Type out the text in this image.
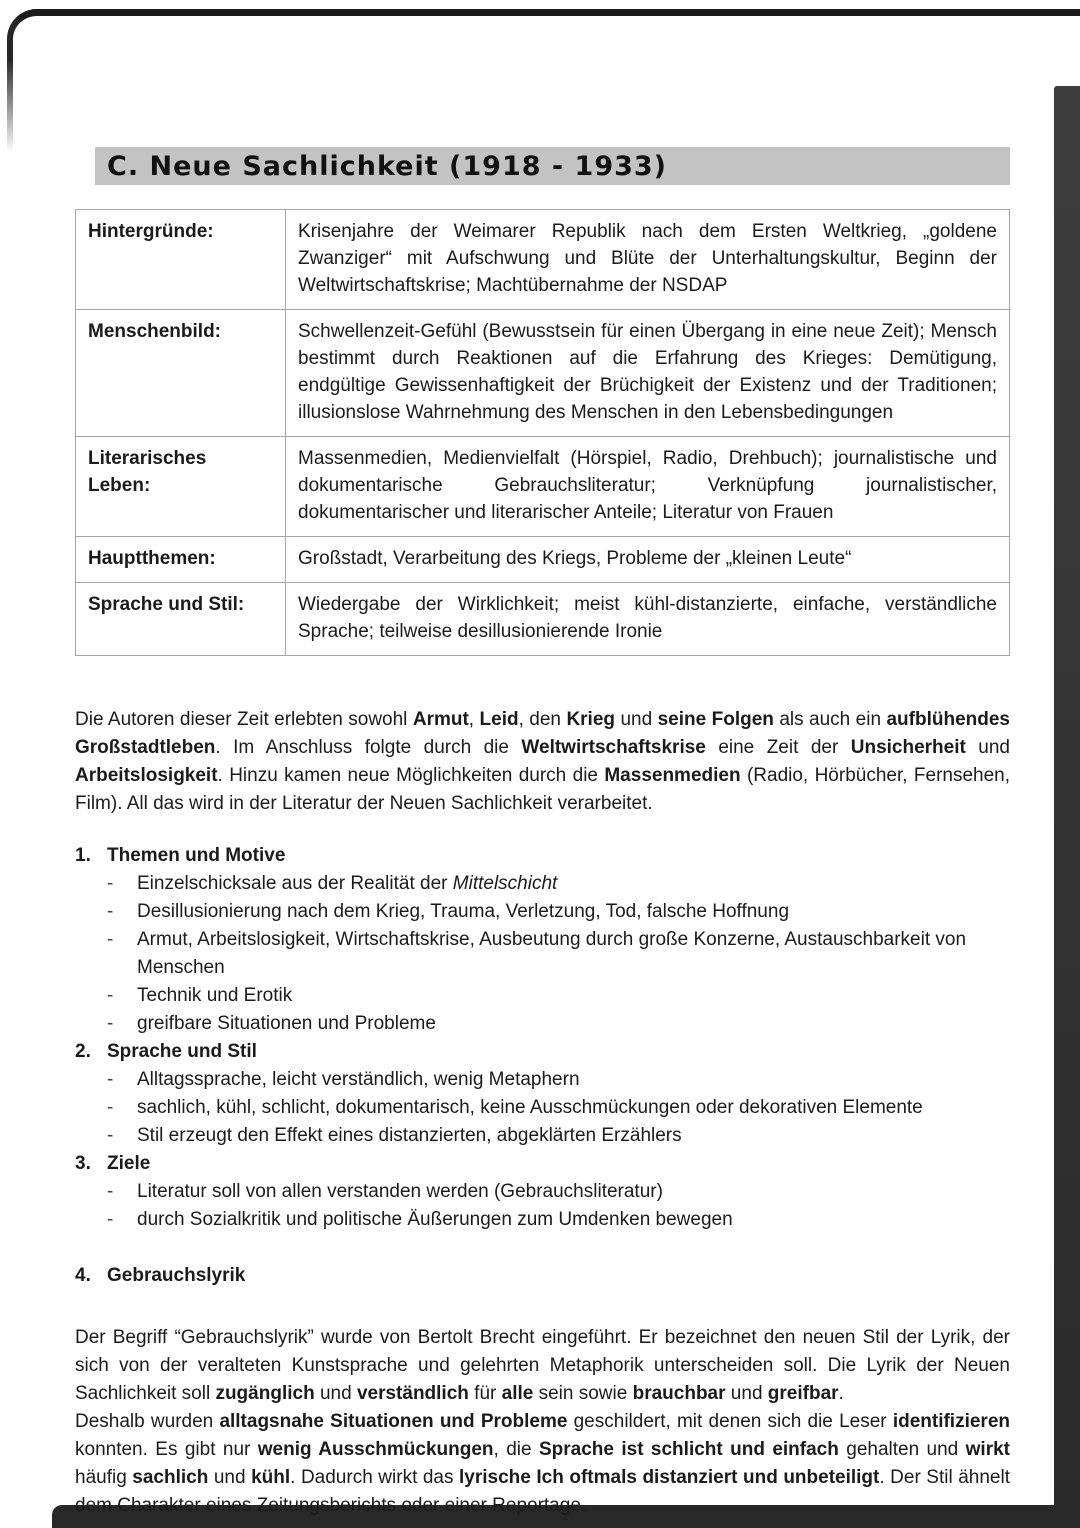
C. Neue Sachlichkeit (1918 - 1933)
Hintergründe:	Krisenjahre der Weimarer Republik nach dem Ersten Weltkrieg, „goldene Zwanziger“ mit Aufschwung und Blüte der Unterhaltungskultur, Beginn der Weltwirtschaftskrise; Machtübernahme der NSDAP
Menschenbild:	Schwellenzeit-Gefühl (Bewusstsein für einen Übergang in eine neue Zeit); Mensch bestimmt durch Reaktionen auf die Erfahrung des Krieges: Demütigung, endgültige Gewissenhaftigkeit der Brüchigkeit der Existenz und der Traditionen; illusionslose Wahrnehmung des Menschen in den Lebensbedingungen
Literarisches Leben:	Massenmedien, Medienvielfalt (Hörspiel, Radio, Drehbuch); journalistische und dokumentarische Gebrauchsliteratur; Verknüpfung journalistischer, dokumentarischer und literarischer Anteile; Literatur von Frauen
Hauptthemen:	Großstadt, Verarbeitung des Kriegs, Probleme der „kleinen Leute“
Sprache und Stil:	Wiedergabe der Wirklichkeit; meist kühl-distanzierte, einfache, verständliche Sprache; teilweise desillusionierende Ironie

Die Autoren dieser Zeit erlebten sowohl Armut, Leid, den Krieg und seine Folgen als auch ein aufblühendes Großstadtleben. Im Anschluss folgte durch die Weltwirtschaftskrise eine Zeit der Unsicherheit und Arbeitslosigkeit. Hinzu kamen neue Möglichkeiten durch die Massenmedien (Radio, Hörbücher, Fernsehen, Film). All das wird in der Literatur der Neuen Sachlichkeit verarbeitet.

1. Themen und Motive
-	Einzelschicksale aus der Realität der Mittelschicht
-	Desillusionierung nach dem Krieg, Trauma, Verletzung, Tod, falsche Hoffnung
-	Armut, Arbeitslosigkeit, Wirtschaftskrise, Ausbeutung durch große Konzerne, Austauschbarkeit von Menschen
-	Technik und Erotik
-	greifbare Situationen und Probleme
2. Sprache und Stil
-	Alltagssprache, leicht verständlich, wenig Metaphern
-	sachlich, kühl, schlicht, dokumentarisch, keine Ausschmückungen oder dekorativen Elemente
-	Stil erzeugt den Effekt eines distanzierten, abgeklärten Erzählers
3. Ziele
-	Literatur soll von allen verstanden werden (Gebrauchsliteratur)
-	durch Sozialkritik und politische Äußerungen zum Umdenken bewegen
4. Gebrauchslyrik

Der Begriff “Gebrauchslyrik” wurde von Bertolt Brecht eingeführt. Er bezeichnet den neuen Stil der Lyrik, der sich von der veralteten Kunstsprache und gelehrten Metaphorik unterscheiden soll. Die Lyrik der Neuen Sachlichkeit soll zugänglich und verständlich für alle sein sowie brauchbar und greifbar.

Deshalb wurden alltagsnahe Situationen und Probleme geschildert, mit denen sich die Leser identifizieren konnten. Es gibt nur wenig Ausschmückungen, die Sprache ist schlicht und einfach gehalten und wirkt häufig sachlich und kühl. Dadurch wirkt das lyrische Ich oftmals distanziert und unbeteiligt. Der Stil ähnelt dem Charakter eines Zeitungsberichts oder einer Reportage.
